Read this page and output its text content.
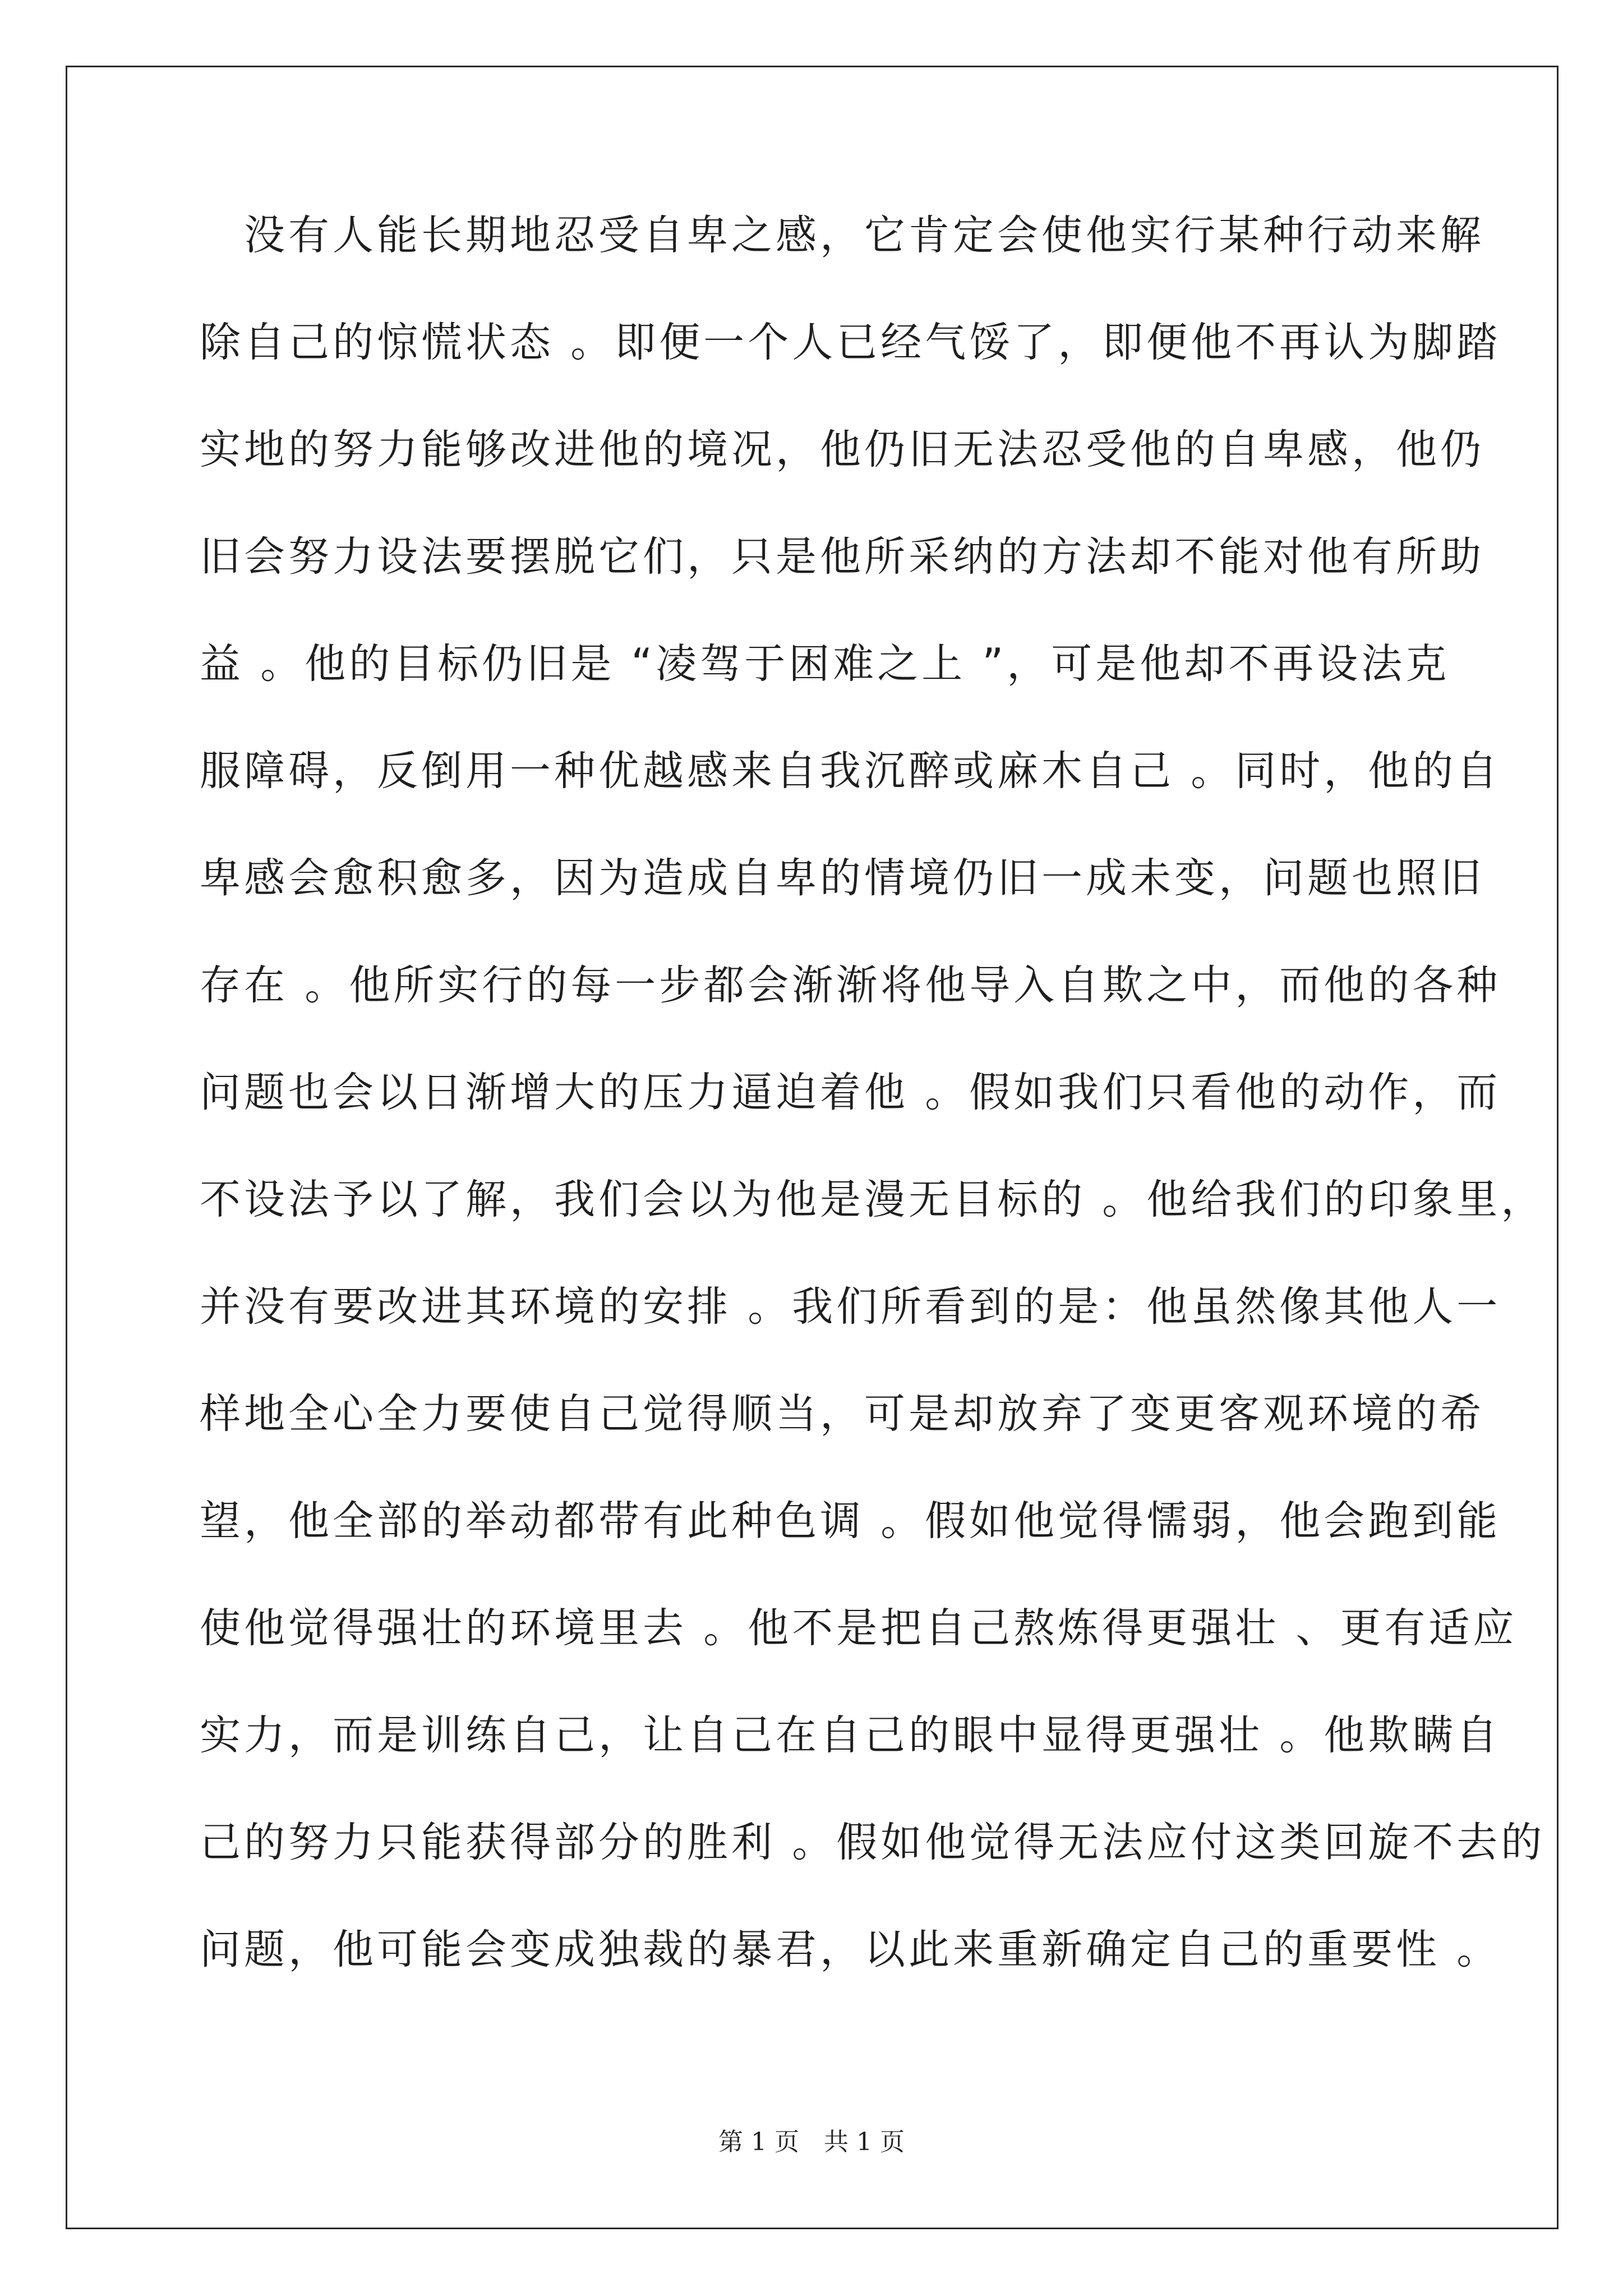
　没有人能长期地忍受自卑之感，它肯定会使他实行某种行动来解
除自己的惊慌状态 。即便一个人已经气馁了，即便他不再认为脚踏
实地的努力能够改进他的境况，他仍旧无法忍受他的自卑感，他仍
旧会努力设法要摆脱它们，只是他所采纳的方法却不能对他有所助
益 。他的目标仍旧是 “凌驾于困难之上 ”，可是他却不再设法克
服障碍，反倒用一种优越感来自我沉醉或麻木自己 。同时，他的自
卑感会愈积愈多，因为造成自卑的情境仍旧一成未变，问题也照旧
存在 。他所实行的每一步都会渐渐将他导入自欺之中，而他的各种
问题也会以日渐增大的压力逼迫着他 。假如我们只看他的动作，而
不设法予以了解，我们会以为他是漫无目标的 。他给我们的印象里，
并没有要改进其环境的安排 。我们所看到的是：他虽然像其他人一
样地全心全力要使自己觉得顺当，可是却放弃了变更客观环境的希
望，他全部的举动都带有此种色调 。假如他觉得懦弱，他会跑到能
使他觉得强壮的环境里去 。他不是把自己熬炼得更强壮 、更有适应
实力，而是训练自己，让自己在自己的眼中显得更强壮 。他欺瞒自
己的努力只能获得部分的胜利 。假如他觉得无法应付这类回旋不去的
问题，他可能会变成独裁的暴君，以此来重新确定自己的重要性 。
第 1 页　共 1 页
